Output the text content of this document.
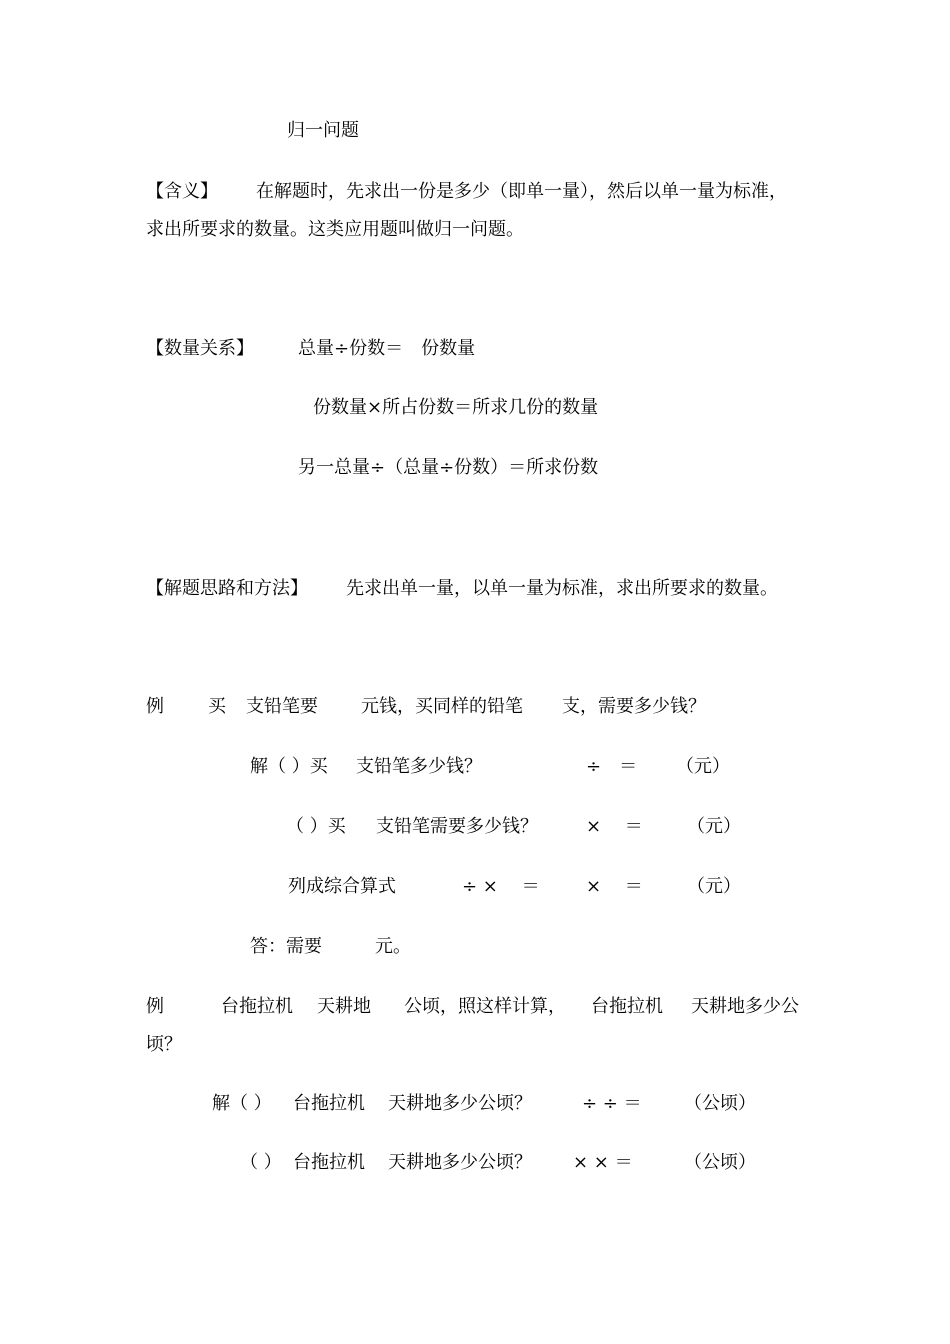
归一问题
【含义】 在解题时，先求出一份是多少（即单一量），然后以单一量为标准，
求出所要求的数量。这类应用题叫做归一问题。
【数量关系】 总量÷份数＝　份数量
份数量×所占份数＝所求几份的数量
另一总量÷（总量÷份数）＝所求份数
【解题思路和方法】 先求出单一量，以单一量为标准，求出所要求的数量。
例 买 支铅笔要 元钱，买同样的铅笔 支，需要多少钱？
解（ ）买 支铅笔多少钱？	÷　＝ （元）
（ ）买 支铅笔需要多少钱？	×　 ＝ （元）
列成综合算式	÷ ×　 ＝	×　 ＝ （元）
答：需要	元。
例	台拖拉机 天耕地 公顷，照这样计算， 台拖拉机 天耕地多少公
顷？
解（ ） 台拖拉机 天耕地多少公顷？	÷ ÷ ＝ （公顷）
（ ） 台拖拉机 天耕地多少公顷？ × × ＝	（公顷）
